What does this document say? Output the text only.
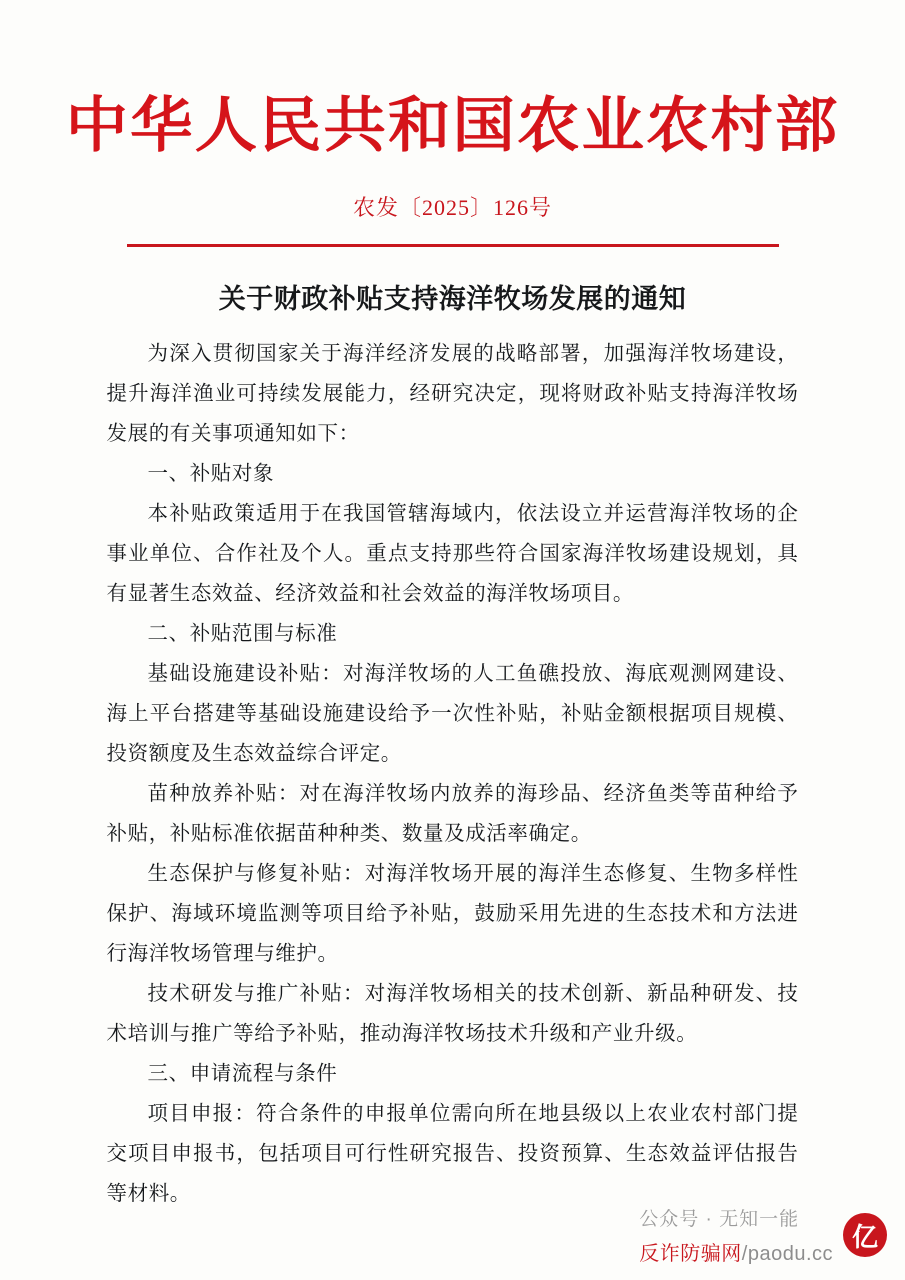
中华人民共和国农业农村部
农发〔2025〕126号
关于财政补贴支持海洋牧场发展的通知

为深入贯彻国家关于海洋经济发展的战略部署，加强海洋牧场建设，提升海洋渔业可持续发展能力，经研究决定，现将财政补贴支持海洋牧场发展的有关事项通知如下：

一、补贴对象

本补贴政策适用于在我国管辖海域内，依法设立并运营海洋牧场的企事业单位、合作社及个人。重点支持那些符合国家海洋牧场建设规划，具有显著生态效益、经济效益和社会效益的海洋牧场项目。

二、补贴范围与标准

基础设施建设补贴：对海洋牧场的人工鱼礁投放、海底观测网建设、海上平台搭建等基础设施建设给予一次性补贴，补贴金额根据项目规模、投资额度及生态效益综合评定。

苗种放养补贴：对在海洋牧场内放养的海珍品、经济鱼类等苗种给予补贴，补贴标准依据苗种种类、数量及成活率确定。

生态保护与修复补贴：对海洋牧场开展的海洋生态修复、生物多样性保护、海域环境监测等项目给予补贴，鼓励采用先进的生态技术和方法进行海洋牧场管理与维护。

技术研发与推广补贴：对海洋牧场相关的技术创新、新品种研发、技术培训与推广等给予补贴，推动海洋牧场技术升级和产业升级。

三、申请流程与条件

项目申报：符合条件的申报单位需向所在地县级以上农业农村部门提交项目申报书，包括项目可行性研究报告、投资预算、生态效益评估报告等材料。

公众号 · 无知一能
反诈防骗网/paodu.cc
亿
